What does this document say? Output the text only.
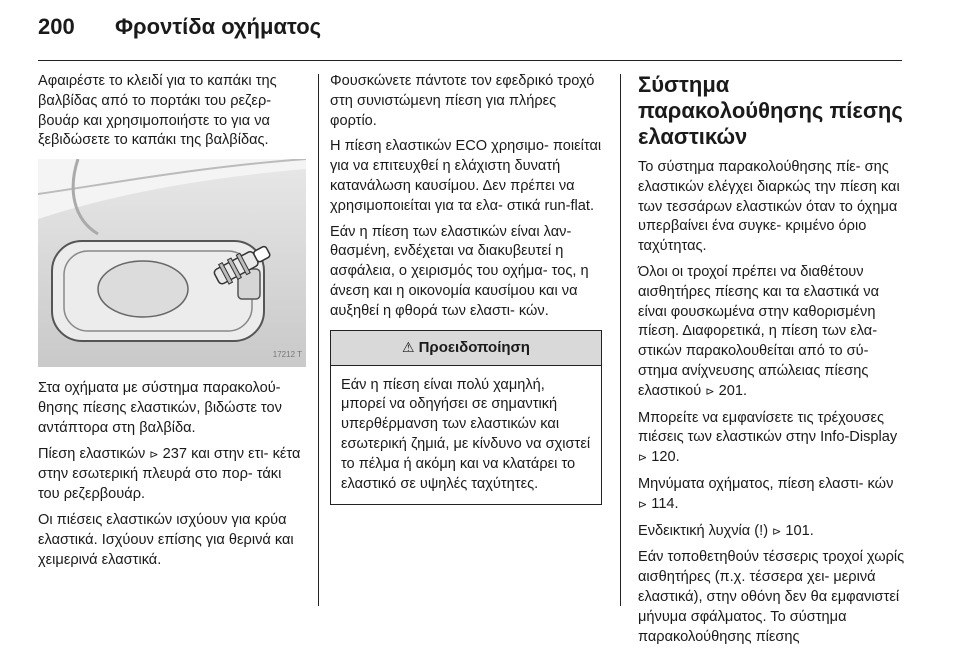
200 Φροντίδα οχήματος

Αφαιρέστε το κλειδί για το καπάκι της βαλβίδας από το πορτάκι του ρεζερ- βουάρ και χρησιμοποιήστε το για να ξεβιδώσετε το καπάκι της βαλβίδας.

17212 T

Στα οχήματα με σύστημα παρακολού- θησης πίεσης ελαστικών, βιδώστε τον αντάπτορα στη βαλβίδα.

Πίεση ελαστικών ⊳ 237 και στην ετι- κέτα στην εσωτερική πλευρά στο πορ- τάκι του ρεζερβουάρ.

Οι πιέσεις ελαστικών ισχύουν για κρύα ελαστικά. Ισχύουν επίσης για θερινά και χειμερινά ελαστικά.

Φουσκώνετε πάντοτε τον εφεδρικό τροχό στη συνιστώμενη πίεση για πλήρες φορτίο.

Η πίεση ελαστικών ECO χρησιμο- ποιείται για να επιτευχθεί η ελάχιστη δυνατή κατανάλωση καυσίμου. Δεν πρέπει να χρησιμοποιείται για τα ελα- στικά run-flat.

Εάν η πίεση των ελαστικών είναι λαν- θασμένη, ενδέχεται να διακυβευτεί η ασφάλεια, ο χειρισμός του οχήμα- τος, η άνεση και η οικονομία καυσίμου και να αυξηθεί η φθορά των ελαστι- κών.

⚠ Προειδοποίηση
Εάν η πίεση είναι πολύ χαμηλή, μπορεί να οδηγήσει σε σημαντική υπερθέρμανση των ελαστικών και εσωτερική ζημιά, με κίνδυνο να σχιστεί το πέλμα ή ακόμη και να κλατάρει το ελαστικό σε υψηλές ταχύτητες.
Σύστημα παρακολούθησης πίεσης ελαστικών

Το σύστημα παρακολούθησης πίε- σης ελαστικών ελέγχει διαρκώς την πίεση και των τεσσάρων ελαστικών όταν το όχημα υπερβαίνει ένα συγκε- κριμένο όριο ταχύτητας.

Όλοι οι τροχοί πρέπει να διαθέτουν αισθητήρες πίεσης και τα ελαστικά να είναι φουσκωμένα στην καθορισμένη πίεση. Διαφορετικά, η πίεση των ελα- στικών παρακολουθείται από το σύ- στημα ανίχνευσης απώλειας πίεσης ελαστικού ⊳ 201.

Μπορείτε να εμφανίσετε τις τρέχουσες πιέσεις των ελαστικών στην Info-Display ⊳ 120.

Μηνύματα οχήματος, πίεση ελαστι- κών ⊳ 114.

Ενδεικτική λυχνία (!) ⊳ 101.

Εάν τοποθετηθούν τέσσερις τροχοί χωρίς αισθητήρες (π.χ. τέσσερα χει- μερινά ελαστικά), στην οθόνη δεν θα εμφανιστεί μήνυμα σφάλματος. Το σύστημα παρακολούθησης πίεσης
